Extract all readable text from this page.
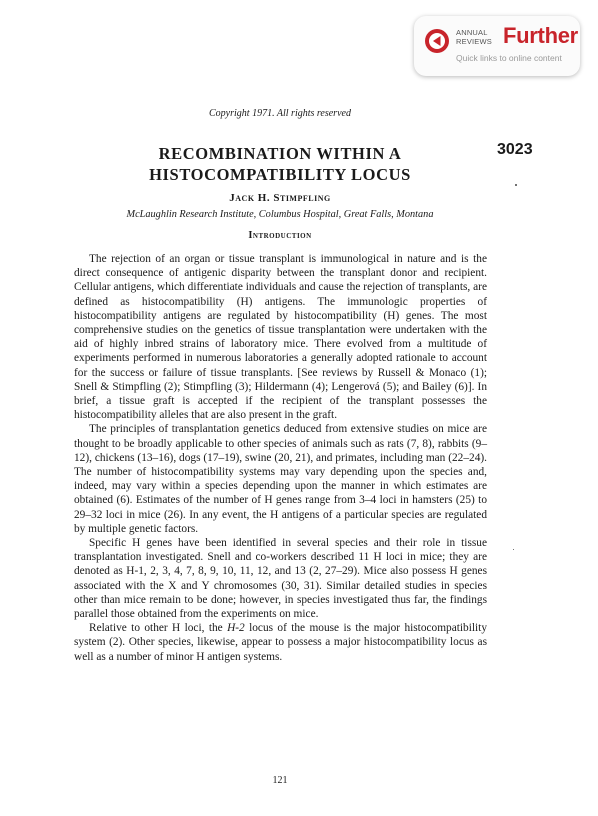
ANNUAL
REVIEWS Further
Quick links to online content
Copyright 1971. All rights reserved
3023
RECOMBINATION WITHIN A
HISTOCOMPATIBILITY LOCUS
Jack H. Stimpfling
McLaughlin Research Institute, Columbus Hospital, Great Falls, Montana
Introduction

The rejection of an organ or tissue transplant is immunological in nature and is the direct consequence of antigenic disparity between the transplant donor and recipient. Cellular antigens, which differentiate individuals and cause the rejection of transplants, are defined as histocompatibility (H) antigens. The immunologic properties of histocompatibility antigens are regulated by histocompatibility (H) genes. The most comprehensive studies on the genetics of tissue transplantation were undertaken with the aid of highly inbred strains of laboratory mice. There evolved from a multitude of experiments performed in numerous laboratories a generally adopted rationale to account for the success or failure of tissue transplants. [See reviews by Russell & Monaco (1); Snell & Stimpfling (2); Stimpfling (3); Hildermann (4); Lengerová (5); and Bailey (6)]. In brief, a tissue graft is accepted if the recipient of the transplant possesses the histocompatibility alleles that are also present in the graft.

The principles of transplantation genetics deduced from extensive studies on mice are thought to be broadly applicable to other species of animals such as rats (7, 8), rabbits (9–12), chickens (13–16), dogs (17–19), swine (20, 21), and primates, including man (22–24). The number of histocompatibility systems may vary depending upon the species and, indeed, may vary within a species depending upon the manner in which estimates are obtained (6). Estimates of the number of H genes range from 3–4 loci in hamsters (25) to 29–32 loci in mice (26). In any event, the H antigens of a particular species are regulated by multiple genetic factors.

Specific H genes have been identified in several species and their role in tissue transplantation investigated. Snell and co-workers described 11 H loci in mice; they are denoted as H-1, 2, 3, 4, 7, 8, 9, 10, 11, 12, and 13 (2, 27–29). Mice also possess H genes associated with the X and Y chromosomes (30, 31). Similar detailed studies in species other than mice remain to be done; however, in species investigated thus far, the findings parallel those obtained from the experiments on mice.

Relative to other H loci, the H-2 locus of the mouse is the major histocompatibility system (2). Other species, likewise, appear to possess a major histocompatibility locus as well as a number of minor H antigen systems.

121
